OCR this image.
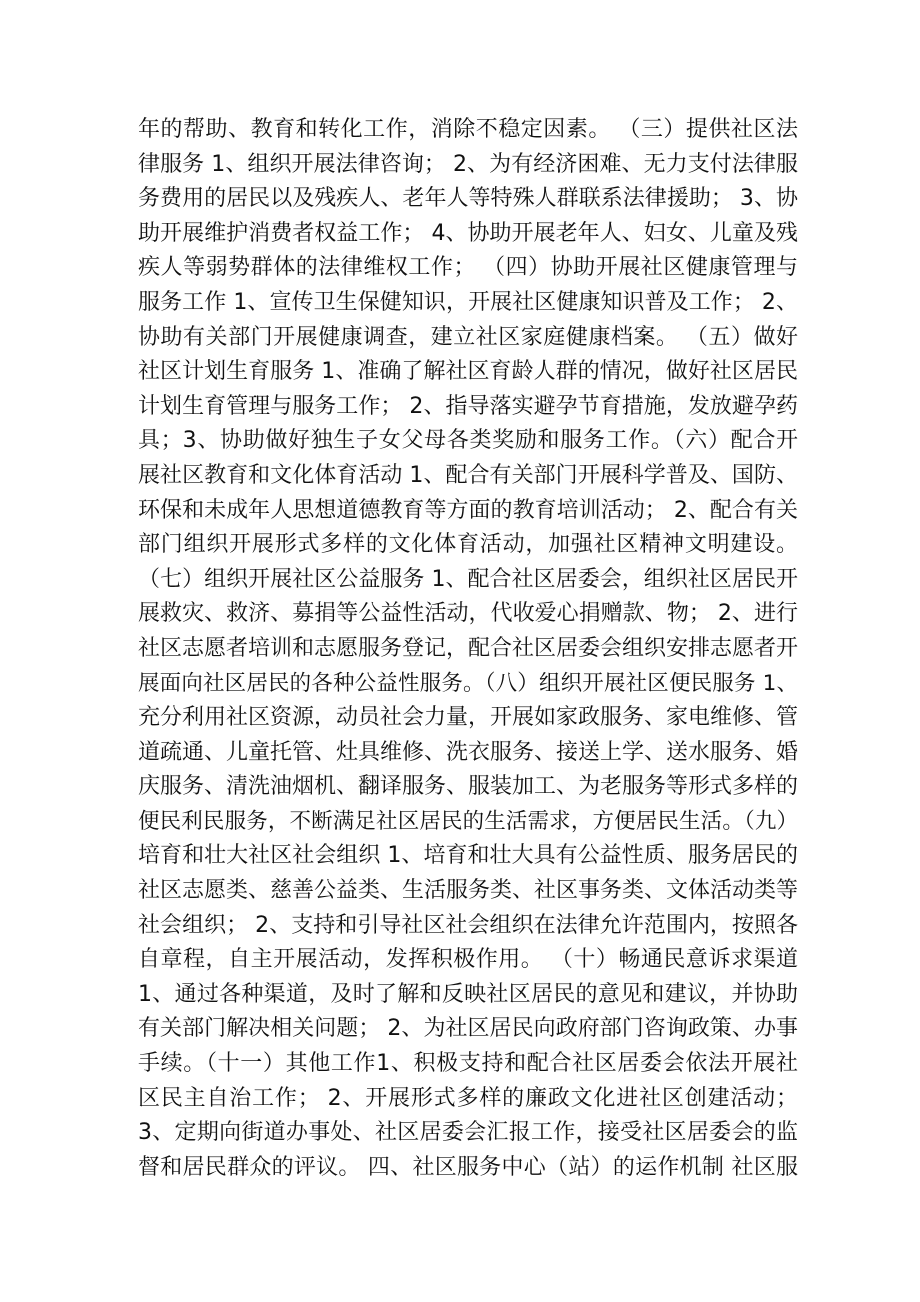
年的帮助、教育和转化工作，消除不稳定因素。 （三）提供社区法
律服务 1、组织开展法律咨询； 2、为有经济困难、无力支付法律服
务费用的居民以及残疾人、老年人等特殊人群联系法律援助； 3、协
助开展维护消费者权益工作； 4、协助开展老年人、妇女、儿童及残
疾人等弱势群体的法律维权工作； （四）协助开展社区健康管理与
服务工作 1、宣传卫生保健知识，开展社区健康知识普及工作； 2、
协助有关部门开展健康调查，建立社区家庭健康档案。 （五）做好
社区计划生育服务 1、准确了解社区育龄人群的情况，做好社区居民
计划生育管理与服务工作； 2、指导落实避孕节育措施，发放避孕药
具；3、协助做好独生子女父母各类奖励和服务工作。（六）配合开
展社区教育和文化体育活动 1、配合有关部门开展科学普及、国防、
环保和未成年人思想道德教育等方面的教育培训活动； 2、配合有关
部门组织开展形式多样的文化体育活动，加强社区精神文明建设。
（七）组织开展社区公益服务 1、配合社区居委会，组织社区居民开
展救灾、救济、募捐等公益性活动，代收爱心捐赠款、物； 2、进行
社区志愿者培训和志愿服务登记，配合社区居委会组织安排志愿者开
展面向社区居民的各种公益性服务。（八）组织开展社区便民服务 1、
充分利用社区资源，动员社会力量，开展如家政服务、家电维修、管
道疏通、儿童托管、灶具维修、洗衣服务、接送上学、送水服务、婚
庆服务、清洗油烟机、翻译服务、服装加工、为老服务等形式多样的
便民利民服务，不断满足社区居民的生活需求，方便居民生活。（九）
培育和壮大社区社会组织 1、培育和壮大具有公益性质、服务居民的
社区志愿类、慈善公益类、生活服务类、社区事务类、文体活动类等
社会组织； 2、支持和引导社区社会组织在法律允许范围内，按照各
自章程，自主开展活动，发挥积极作用。 （十）畅通民意诉求渠道
1、通过各种渠道，及时了解和反映社区居民的意见和建议，并协助
有关部门解决相关问题； 2、为社区居民向政府部门咨询政策、办事
手续。（十一）其他工作1、积极支持和配合社区居委会依法开展社
区民主自治工作； 2、开展形式多样的廉政文化进社区创建活动；
3、定期向街道办事处、社区居委会汇报工作，接受社区居委会的监
督和居民群众的评议。 四、社区服务中心（站）的运作机制 社区服
